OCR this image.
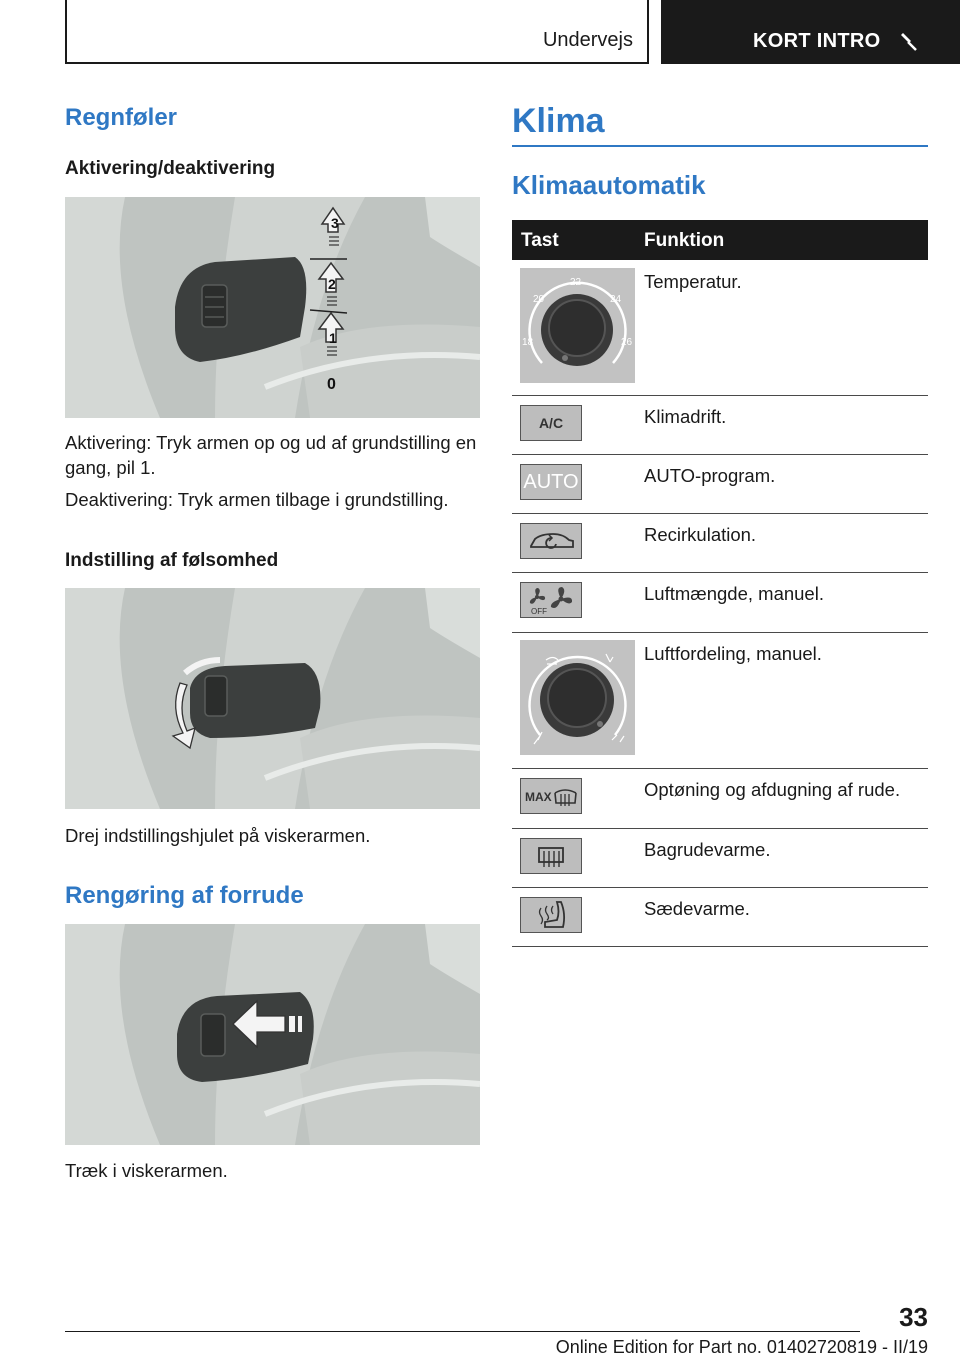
Undervejs	KORT INTRO
Regnføler
Aktivering/deaktivering
0
1
2
3
Aktivering: Tryk armen op og ud af grundstilling en gang, pil 1.
Deaktivering: Tryk armen tilbage i grundstilling.
Indstilling af følsomhed
Drej indstillingshjulet på viskerarmen.
Rengøring af forrude
Træk i viskerarmen.
Klima
Klimaautomatik
Tast	Funktion
22
20	24
18	26
Temperatur.
A/C	Klimadrift.
AUTO	AUTO-program.
Recirkulation.
OFF
Luftmængde, manuel.
Luftfordeling, manuel.
MAX	Optøning og afdugning af rude.
Bagrudevarme.
Sædevarme.
33
Online Edition for Part no. 01402720819 - II/19
